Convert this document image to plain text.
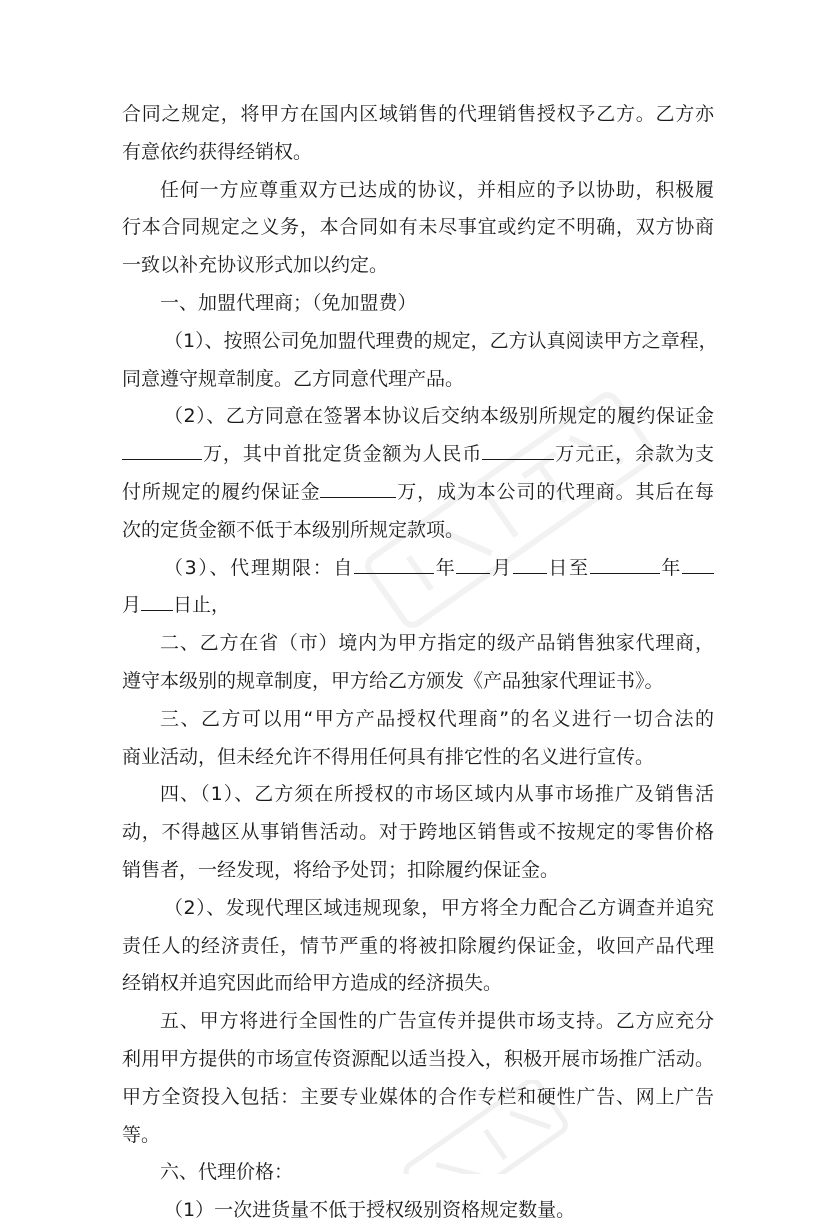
合同之规定，将甲方在国内区域销售的代理销售授权予乙方。乙方亦
有意依约获得经销权。
任何一方应尊重双方已达成的协议，并相应的予以协助，积极履
行本合同规定之义务，本合同如有未尽事宜或约定不明确，双方协商
一致以补充协议形式加以约定。
一、加盟代理商；（免加盟费）
（1）、按照公司免加盟代理费的规定，乙方认真阅读甲方之章程，
同意遵守规章制度。乙方同意代理产品。
（2）、乙方同意在签署本协议后交纳本级别所规定的履约保证金
万，其中首批定货金额为人民币	万元正，余款为支
付所规定的履约保证金	万，成为本公司的代理商。其后在每
次的定货金额不低于本级别所规定款项。
（3）、代理期限：自	年 月 日至	年
月 日止，
二、乙方在省（市）境内为甲方指定的级产品销售独家代理商，
遵守本级别的规章制度，甲方给乙方颁发《产品独家代理证书》。
三、乙方可以用“甲方产品授权代理商”的名义进行一切合法的
商业活动，但未经允许不得用任何具有排它性的名义进行宣传。
四、（1）、乙方须在所授权的市场区域内从事市场推广及销售活
动，不得越区从事销售活动。对于跨地区销售或不按规定的零售价格
销售者，一经发现，将给予处罚；扣除履约保证金。
（2）、发现代理区域违规现象，甲方将全力配合乙方调查并追究
责任人的经济责任，情节严重的将被扣除履约保证金，收回产品代理
经销权并追究因此而给甲方造成的经济损失。
五、甲方将进行全国性的广告宣传并提供市场支持。乙方应充分
利用甲方提供的市场宣传资源配以适当投入，积极开展市场推广活动。
甲方全资投入包括：主要专业媒体的合作专栏和硬性广告、网上广告
等。
六、代理价格：
（1）一次进货量不低于授权级别资格规定数量。
